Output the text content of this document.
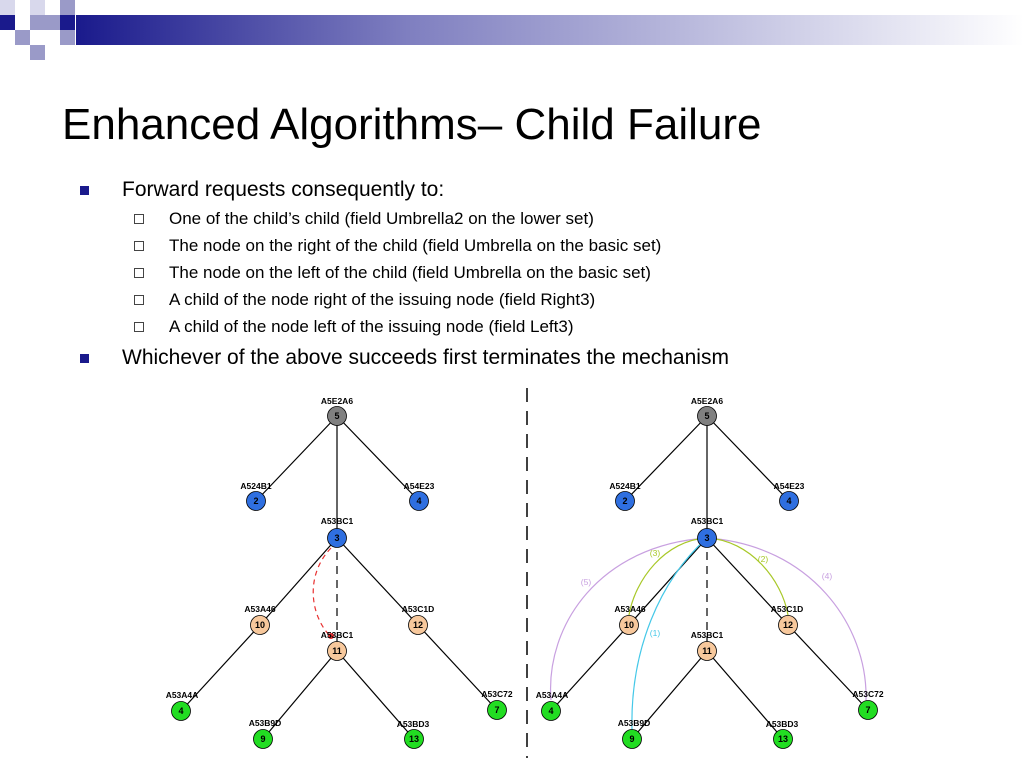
Enhanced Algorithms– Child Failure
Forward requests consequently to:
One of the child’s child (field Umbrella2 on the lower set)
The node on the right of the child (field Umbrella on the basic set)
The node on the left of the child (field Umbrella on the basic set)
A child of the node right of the issuing node (field Right3)
A child of the node left of the issuing node (field Left3)
Whichever of the above succeeds first terminates the mechanism
5
A5E2A6
2
A524B1
4
A54E23
3
A53BC1
10
A53A46
12
A53C1D
11
A53BC1
4
A53A4A
7
A53C72
9
A53B9D
13
A53BD3
(1)
(2)
(3)
(4)
(5)
5
A5E2A6
2
A524B1
4
A54E23
3
A53BC1
10
A53A46
12
A53C1D
11
A53BC1
4
A53A4A
7
A53C72
9
A53B9D
13
A53BD3
